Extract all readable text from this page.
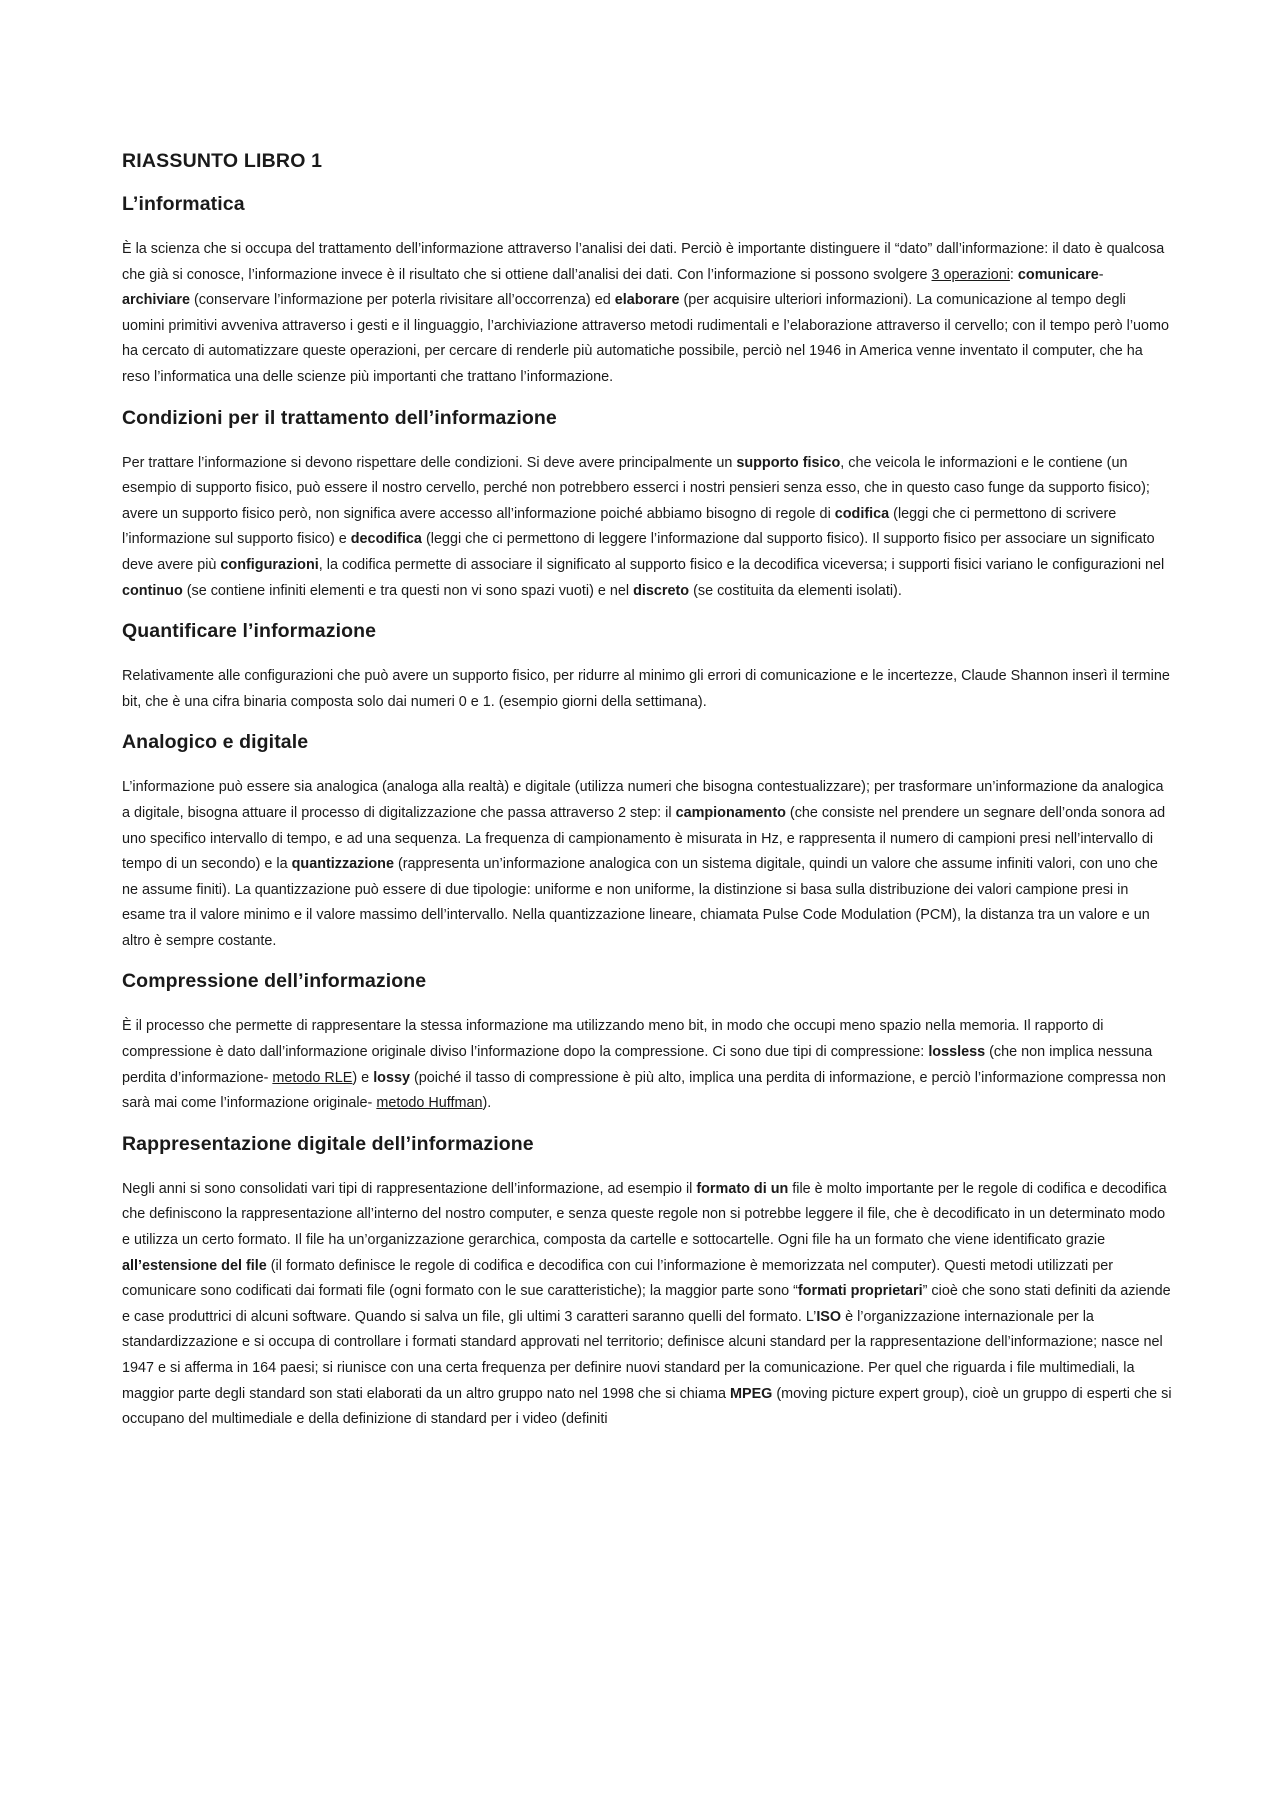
RIASSUNTO LIBRO 1
L’informatica

È la scienza che si occupa del trattamento dell’informazione attraverso l’analisi dei dati. Perciò è importante distinguere il “dato” dall’informazione: il dato è qualcosa che già si conosce, l’informazione invece è il risultato che si ottiene dall’analisi dei dati. Con l’informazione si possono svolgere 3 operazioni: comunicare- archiviare (conservare l’informazione per poterla rivisitare all’occorrenza) ed elaborare (per acquisire ulteriori informazioni). La comunicazione al tempo degli uomini primitivi avveniva attraverso i gesti e il linguaggio, l’archiviazione attraverso metodi rudimentali e l’elaborazione attraverso il cervello; con il tempo però l’uomo ha cercato di automatizzare queste operazioni, per cercare di renderle più automatiche possibile, perciò nel 1946 in America venne inventato il computer, che ha reso l’informatica una delle scienze più importanti che trattano l’informazione.

Condizioni per il trattamento dell’informazione

Per trattare l’informazione si devono rispettare delle condizioni. Si deve avere principalmente un supporto fisico, che veicola le informazioni e le contiene (un esempio di supporto fisico, può essere il nostro cervello, perché non potrebbero esserci i nostri pensieri senza esso, che in questo caso funge da supporto fisico); avere un supporto fisico però, non significa avere accesso all’informazione poiché abbiamo bisogno di regole di codifica (leggi che ci permettono di scrivere l’informazione sul supporto fisico) e decodifica (leggi che ci permettono di leggere l’informazione dal supporto fisico). Il supporto fisico per associare un significato deve avere più configurazioni, la codifica permette di associare il significato al supporto fisico e la decodifica viceversa; i supporti fisici variano le configurazioni nel continuo (se contiene infiniti elementi e tra questi non vi sono spazi vuoti) e nel discreto (se costituita da elementi isolati).

Quantificare l’informazione

Relativamente alle configurazioni che può avere un supporto fisico, per ridurre al minimo gli errori di comunicazione e le incertezze, Claude Shannon inserì il termine bit, che è una cifra binaria composta solo dai numeri 0 e 1. (esempio giorni della settimana).

Analogico e digitale

L’informazione può essere sia analogica (analoga alla realtà) e digitale (utilizza numeri che bisogna contestualizzare); per trasformare un’informazione da analogica a digitale, bisogna attuare il processo di digitalizzazione che passa attraverso 2 step: il campionamento (che consiste nel prendere un segnare dell’onda sonora ad uno specifico intervallo di tempo, e ad una sequenza. La frequenza di campionamento è misurata in Hz, e rappresenta il numero di campioni presi nell’intervallo di tempo di un secondo) e la quantizzazione (rappresenta un’informazione analogica con un sistema digitale, quindi un valore che assume infiniti valori, con uno che ne assume finiti). La quantizzazione può essere di due tipologie: uniforme e non uniforme, la distinzione si basa sulla distribuzione dei valori campione presi in esame tra il valore minimo e il valore massimo dell’intervallo. Nella quantizzazione lineare, chiamata Pulse Code Modulation (PCM), la distanza tra un valore e un altro è sempre costante.

Compressione dell’informazione

È il processo che permette di rappresentare la stessa informazione ma utilizzando meno bit, in modo che occupi meno spazio nella memoria. Il rapporto di compressione è dato dall’informazione originale diviso l’informazione dopo la compressione. Ci sono due tipi di compressione: lossless (che non implica nessuna perdita d’informazione- metodo RLE) e lossy (poiché il tasso di compressione è più alto, implica una perdita di informazione, e perciò l’informazione compressa non sarà mai come l’informazione originale- metodo Huffman).

Rappresentazione digitale dell’informazione

Negli anni si sono consolidati vari tipi di rappresentazione dell’informazione, ad esempio il formato di un file è molto importante per le regole di codifica e decodifica che definiscono la rappresentazione all’interno del nostro computer, e senza queste regole non si potrebbe leggere il file, che è decodificato in un determinato modo e utilizza un certo formato. Il file ha un’organizzazione gerarchica, composta da cartelle e sottocartelle. Ogni file ha un formato che viene identificato grazie all’estensione del file (il formato definisce le regole di codifica e decodifica con cui l’informazione è memorizzata nel computer). Questi metodi utilizzati per comunicare sono codificati dai formati file (ogni formato con le sue caratteristiche); la maggior parte sono “formati proprietari” cioè che sono stati definiti da aziende e case produttrici di alcuni software. Quando si salva un file, gli ultimi 3 caratteri saranno quelli del formato. L’ISO è l’organizzazione internazionale per la standardizzazione e si occupa di controllare i formati standard approvati nel territorio; definisce alcuni standard per la rappresentazione dell’informazione; nasce nel 1947 e si afferma in 164 paesi; si riunisce con una certa frequenza per definire nuovi standard per la comunicazione. Per quel che riguarda i file multimediali, la maggior parte degli standard son stati elaborati da un altro gruppo nato nel 1998 che si chiama MPEG (moving picture expert group), cioè un gruppo di esperti che si occupano del multimediale e della definizione di standard per i video (definiti
